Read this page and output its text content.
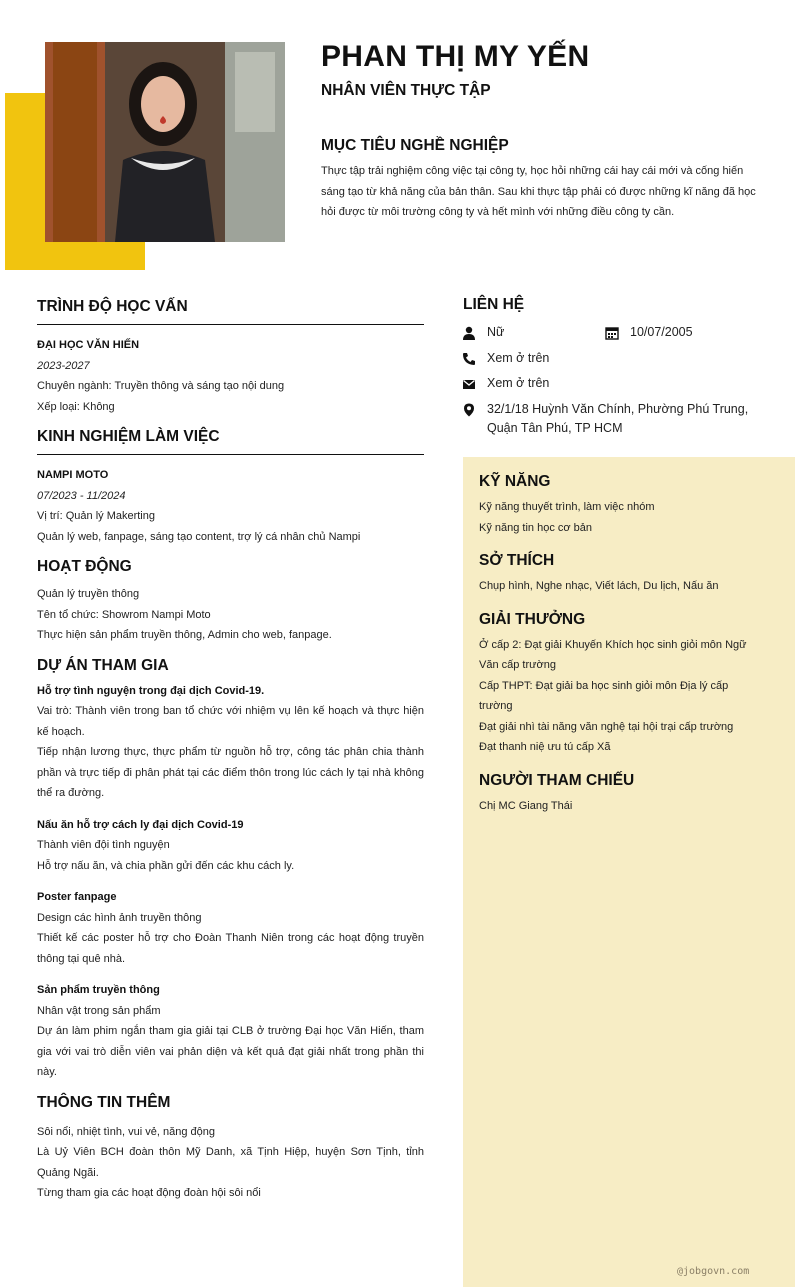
PHAN THỊ MY YẾN
NHÂN VIÊN THỰC TẬP
MỤC TIÊU NGHỀ NGHIỆP
Thực tập trải nghiệm công việc tại công ty, học hỏi những cái hay cái mới và cống hiến sáng tạo từ khả năng của bản thân. Sau khi thực tập phải có được những kĩ năng đã học hỏi được từ môi trường công ty và hết mình với những điều công ty cần.
TRÌNH ĐỘ HỌC VẤN
ĐẠI HỌC VĂN HIẾN
2023-2027
Chuyên ngành: Truyền thông và sáng tạo nội dung
Xếp loại: Không
KINH NGHIỆM LÀM VIỆC
NAMPI MOTO
07/2023 - 11/2024
Vị trí: Quản lý Makerting
Quản lý web, fanpage, sáng tạo content, trợ lý cá nhân chủ Nampi
HOẠT ĐỘNG
Quản lý truyền thông
Tên tổ chức: Showrom Nampi Moto
Thực hiện sản phẩm truyền thông, Admin cho web, fanpage.
DỰ ÁN THAM GIA
Hỗ trợ tình nguyện trong đại dịch Covid-19.
Vai trò: Thành viên trong ban tổ chức với nhiệm vụ lên kế hoạch và thực hiện kế hoạch.
Tiếp nhận lương thực, thực phẩm từ nguồn hỗ trợ, công tác phân chia thành phần và trực tiếp đi phân phát tại các điểm thôn trong lúc cách ly tại nhà không thể ra đường.
Nấu ăn hỗ trợ cách ly đại dịch Covid-19
Thành viên đội tình nguyện
Hỗ trợ nấu ăn, và chia phần gửi đến các khu cách ly.
Poster fanpage
Design các hình ảnh truyền thông
Thiết kế các poster hỗ trợ cho Đoàn Thanh Niên trong các hoạt động truyền thông tại quê nhà.
Sản phẩm truyền thông
Nhân vật trong sản phẩm
Dự án làm phim ngắn tham gia giải tại CLB ở trường Đại học Văn Hiến, tham gia với vai trò diễn viên vai phản diện và kết quả đạt giải nhất trong phần thi này.
THÔNG TIN THÊM
Sôi nổi, nhiệt tình, vui vẻ, năng động
Là Uỷ Viên BCH đoàn thôn Mỹ Danh, xã Tịnh Hiệp, huyện Sơn Tịnh, tỉnh Quảng Ngãi.
Từng tham gia các hoạt động đoàn hội sôi nổi
LIÊN HỆ
Nữ	10/07/2005
Xem ở trên
Xem ở trên
32/1/18 Huỳnh Văn Chính, Phường Phú Trung, Quận Tân Phú, TP HCM
KỸ NĂNG
Kỹ năng thuyết trình, làm việc nhóm
Kỹ năng tin học cơ bản
SỞ THÍCH
Chụp hình, Nghe nhạc, Viết lách, Du lịch, Nấu ăn
GIẢI THƯỞNG
Ở cấp 2: Đạt giải Khuyến Khích học sinh giỏi môn Ngữ Văn cấp trường
Cấp THPT: Đạt giải ba học sinh giỏi môn Địa lý cấp trường
Đạt giải nhì tài năng văn nghệ tại hội trại cấp trường
Đạt thanh niệ ưu tú cấp Xã
NGƯỜI THAM CHIẾU
Chị MC Giang Thái
@jobgovn.com
